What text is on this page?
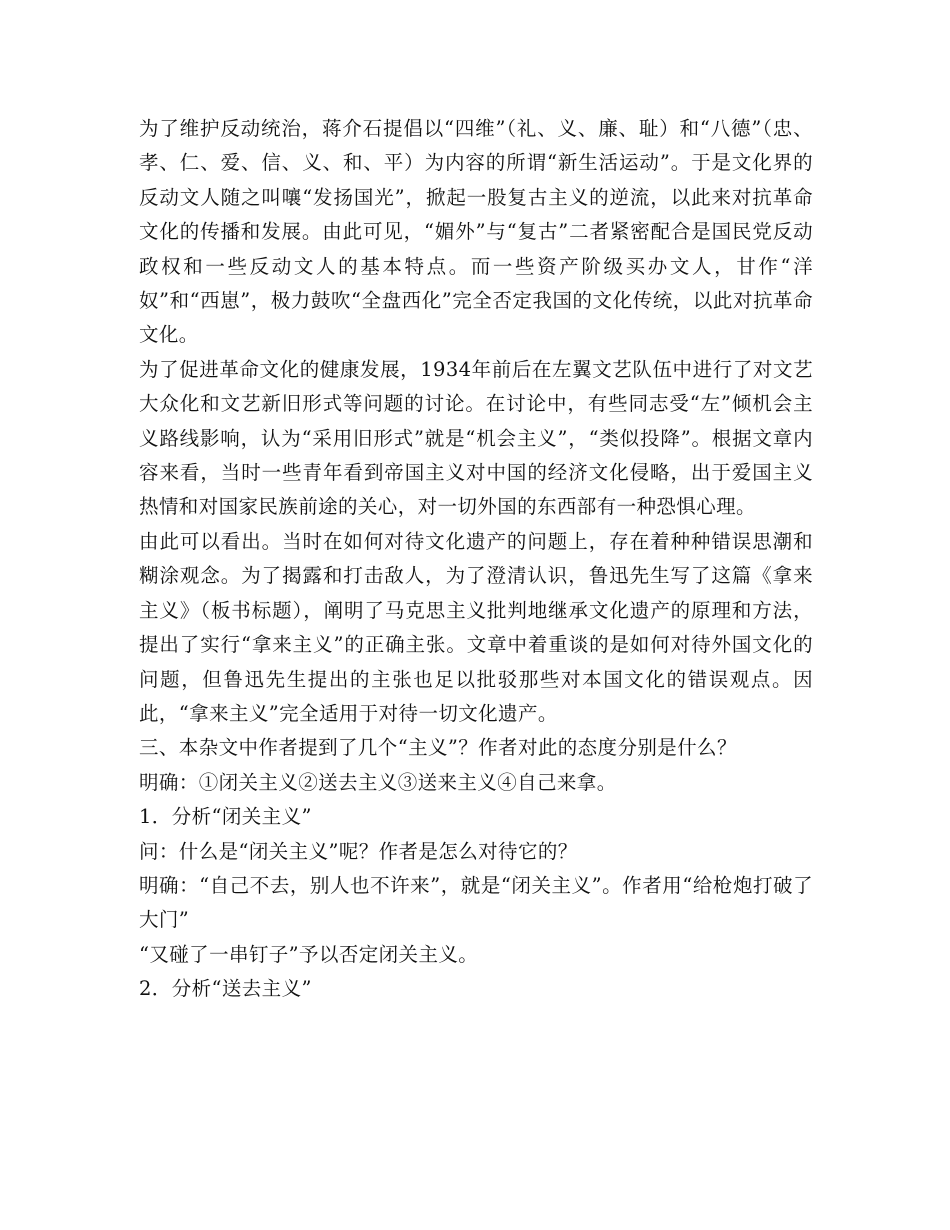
为了维护反动统治，蒋介石提倡以“四维”（礼、义、廉、耻）和“八德”（忠、孝、仁、爱、信、义、和、平）为内容的所谓“新生活运动”。于是文化界的反动文人随之叫嚷“发扬国光”，掀起一股复古主义的逆流，以此来对抗革命文化的传播和发展。由此可见，“媚外”与“复古”二者紧密配合是国民党反动政权和一些反动文人的基本特点。而一些资产阶级买办文人，甘作“洋奴”和“西崽”，极力鼓吹“全盘西化”完全否定我国的文化传统，以此对抗革命文化。

为了促进革命文化的健康发展，1934年前后在左翼文艺队伍中进行了对文艺大众化和文艺新旧形式等问题的讨论。在讨论中，有些同志受“左”倾机会主义路线影响，认为“采用旧形式”就是“机会主义”，“类似投降”。根据文章内容来看，当时一些青年看到帝国主义对中国的经济文化侵略，出于爱国主义热情和对国家民族前途的关心，对一切外国的东西部有一种恐惧心理。

由此可以看出。当时在如何对待文化遗产的问题上，存在着种种错误思潮和糊涂观念。为了揭露和打击敌人，为了澄清认识，鲁迅先生写了这篇《拿来主义》（板书标题），阐明了马克思主义批判地继承文化遗产的原理和方法，提出了实行“拿来主义”的正确主张。文章中着重谈的是如何对待外国文化的问题，但鲁迅先生提出的主张也足以批驳那些对本国文化的错误观点。因此，“拿来主义”完全适用于对待一切文化遗产。

三、本杂文中作者提到了几个“主义”？作者对此的态度分别是什么？

明确：①闭关主义②送去主义③送来主义④自己来拿。

1．分析“闭关主义”

问：什么是“闭关主义”呢？作者是怎么对待它的？

明确：“自己不去，别人也不许来”，就是“闭关主义”。作者用“给枪炮打破了大门”

“又碰了一串钉子”予以否定闭关主义。

2．分析“送去主义”
